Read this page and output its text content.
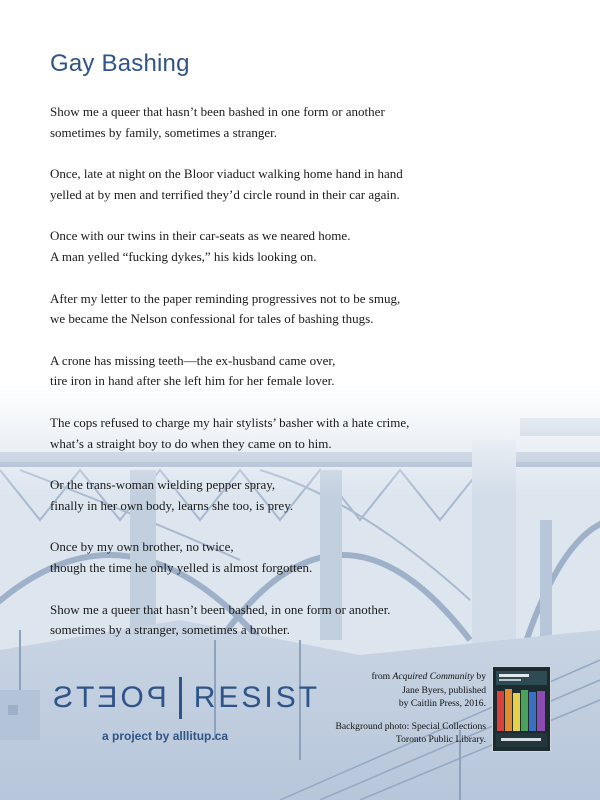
Gay Bashing

Show me a queer that hasn’t been bashed in one form or another
sometimes by family, sometimes a stranger.

Once, late at night on the Bloor viaduct walking home hand in hand
yelled at by men and terrified they’d circle round in their car again.

Once with our twins in their car-seats as we neared home.
A man yelled “fucking dykes,” his kids looking on.

After my letter to the paper reminding progressives not to be smug,
we became the Nelson confessional for tales of bashing thugs.

A crone has missing teeth—the ex-husband came over,
tire iron in hand after she left him for her female lover.

The cops refused to charge my hair stylists’ basher with a hate crime,
what’s a straight boy to do when they came on to him.

Or the trans-woman wielding pepper spray,
finally in her own body, learns she too, is prey.

Once by my own brother, no twice,
though the time he only yelled is almost forgotten.

Show me a queer that hasn’t been bashed, in one form or another.
sometimes by a stranger, sometimes a brother.

POETS RESIST
a project by alllitup.ca
from Acquired Community by
Jane Byers, published
by Caitlin Press, 2016.
Background photo: Special Collections
Toronto Public Library.
